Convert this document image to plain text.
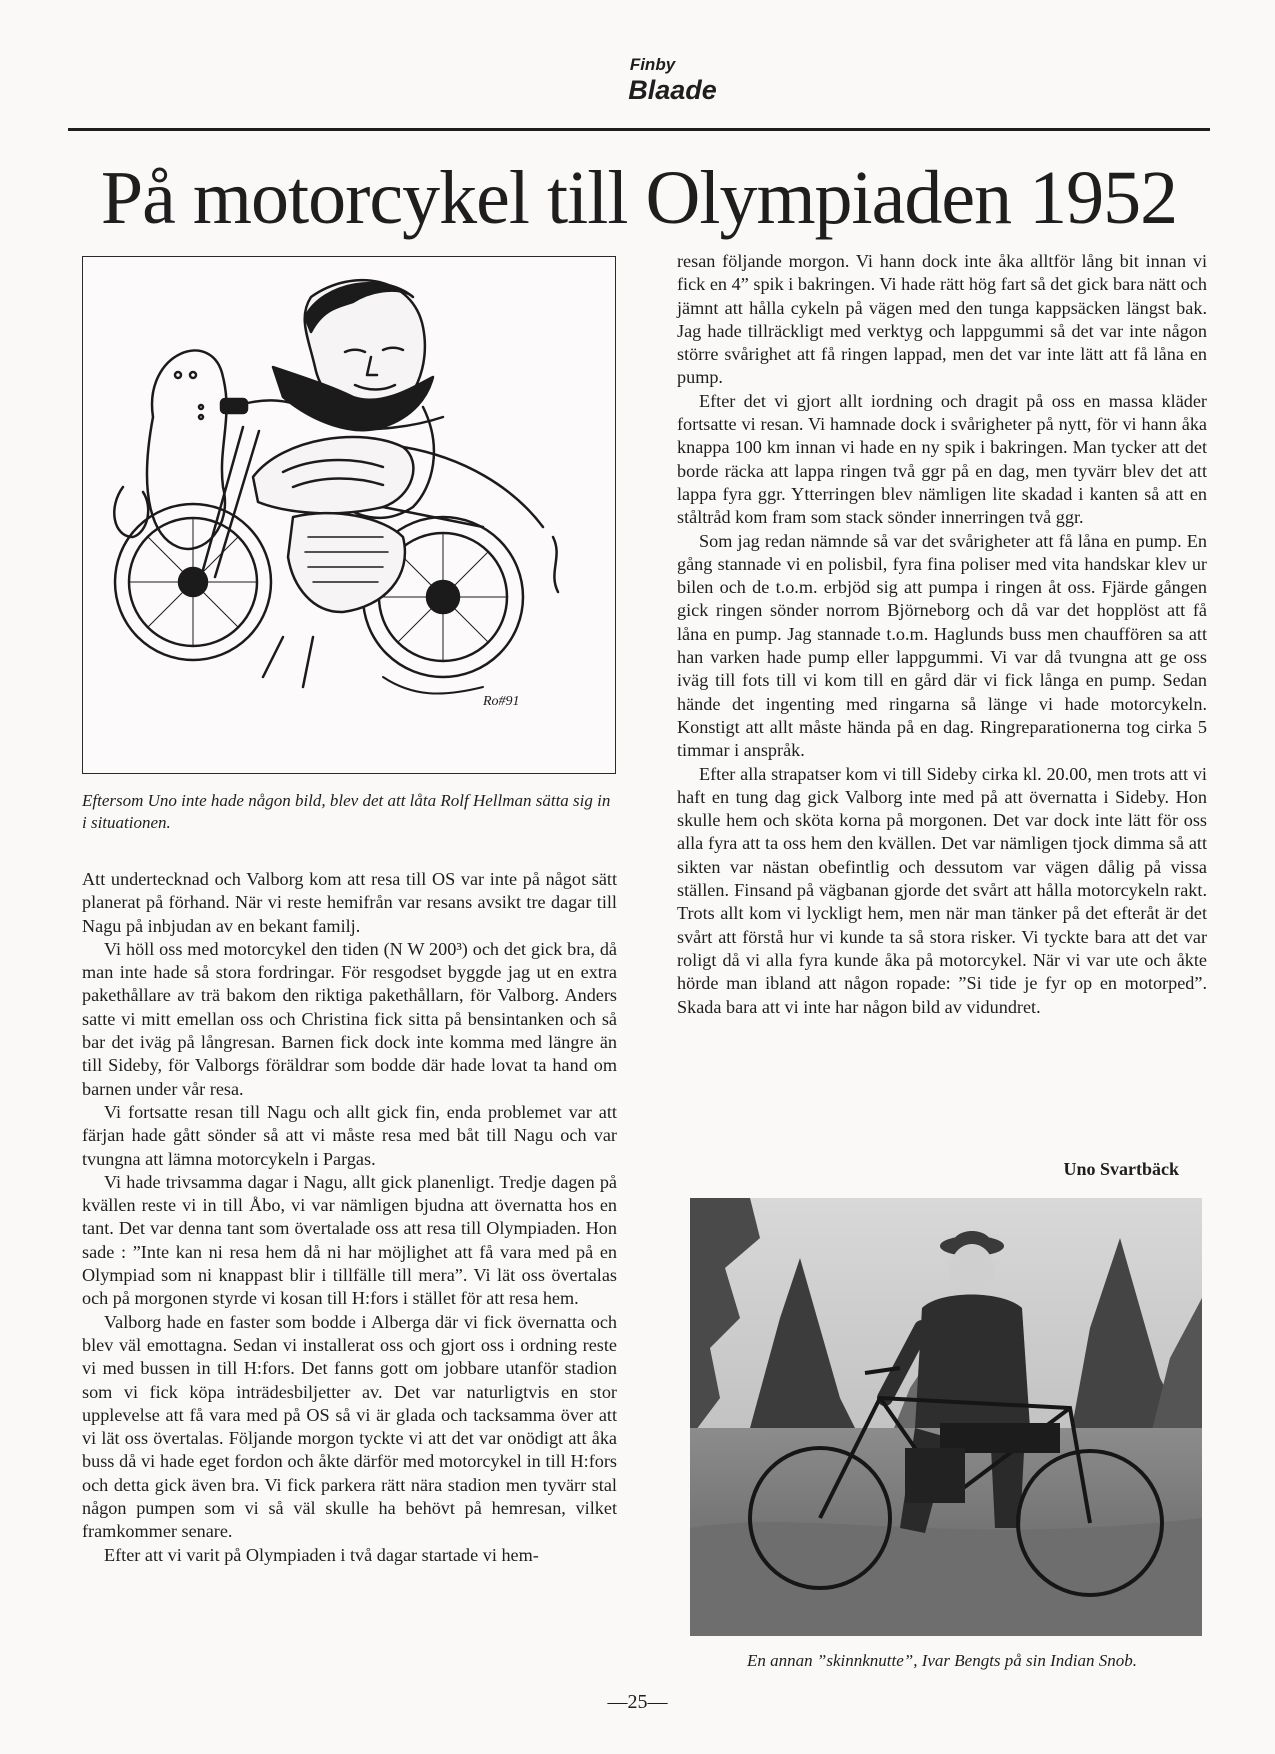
Finby
Blaade
På motorcykel till Olympiaden 1952
Ro#91
Eftersom Uno inte hade någon bild, blev det att låta Rolf Hellman sätta sig in i situationen.

Att undertecknad och Valborg kom att resa till OS var inte på något sätt planerat på förhand. När vi reste hemifrån var resans avsikt tre dagar till Nagu på inbjudan av en bekant familj.

Vi höll oss med motorcykel den tiden (N W 200³) och det gick bra, då man inte hade så stora fordringar. För resgodset byggde jag ut en extra pakethållare av trä bakom den riktiga pakethållarn, för Valborg. Anders satte vi mitt emellan oss och Christina fick sitta på bensintanken och så bar det iväg på långresan. Barnen fick dock inte komma med längre än till Sideby, för Valborgs föräldrar som bodde där hade lovat ta hand om barnen under vår resa.

Vi fortsatte resan till Nagu och allt gick fin, enda problemet var att färjan hade gått sönder så att vi måste resa med båt till Nagu och var tvungna att lämna motorcykeln i Pargas.

Vi hade trivsamma dagar i Nagu, allt gick planenligt. Tredje dagen på kvällen reste vi in till Åbo, vi var nämligen bjudna att övernatta hos en tant. Det var denna tant som övertalade oss att resa till Olympiaden. Hon sade : ”Inte kan ni resa hem då ni har möjlighet att få vara med på en Olympiad som ni knappast blir i tillfälle till mera”. Vi lät oss övertalas och på morgonen styrde vi kosan till H:fors i stället för att resa hem.

Valborg hade en faster som bodde i Alberga där vi fick övernatta och blev väl emottagna. Sedan vi installerat oss och gjort oss i ordning reste vi med bussen in till H:fors. Det fanns gott om jobbare utanför stadion som vi fick köpa inträdesbiljetter av. Det var naturligtvis en stor upplevelse att få vara med på OS så vi är glada och tacksamma över att vi lät oss övertalas. Följande morgon tyckte vi att det var onödigt att åka buss då vi hade eget fordon och åkte därför med motorcykel in till H:fors och detta gick även bra. Vi fick parkera rätt nära stadion men tyvärr stal någon pumpen som vi så väl skulle ha behövt på hemresan, vilket framkommer senare.

Efter att vi varit på Olympiaden i två dagar startade vi hem-

resan följande morgon. Vi hann dock inte åka alltför lång bit innan vi fick en 4” spik i bakringen. Vi hade rätt hög fart så det gick bara nätt och jämnt att hålla cykeln på vägen med den tunga kappsäcken längst bak. Jag hade tillräckligt med verktyg och lappgummi så det var inte någon större svårighet att få ringen lappad, men det var inte lätt att få låna en pump.

Efter det vi gjort allt iordning och dragit på oss en massa kläder fortsatte vi resan. Vi hamnade dock i svårigheter på nytt, för vi hann åka knappa 100 km innan vi hade en ny spik i bakringen. Man tycker att det borde räcka att lappa ringen två ggr på en dag, men tyvärr blev det att lappa fyra ggr. Ytterringen blev nämligen lite skadad i kanten så att en ståltråd kom fram som stack sönder innerringen två ggr.

Som jag redan nämnde så var det svårigheter att få låna en pump. En gång stannade vi en polisbil, fyra fina poliser med vita handskar klev ur bilen och de t.o.m. erbjöd sig att pumpa i ringen åt oss. Fjärde gången gick ringen sönder norrom Björneborg och då var det hopplöst att få låna en pump. Jag stannade t.o.m. Haglunds buss men chauffören sa att han varken hade pump eller lappgummi. Vi var då tvungna att ge oss iväg till fots till vi kom till en gård där vi fick långa en pump. Sedan hände det ingenting med ringarna så länge vi hade motorcykeln. Konstigt att allt måste hända på en dag. Ringreparationerna tog cirka 5 timmar i anspråk.

Efter alla strapatser kom vi till Sideby cirka kl. 20.00, men trots att vi haft en tung dag gick Valborg inte med på att övernatta i Sideby. Hon skulle hem och sköta korna på morgonen. Det var dock inte lätt för oss alla fyra att ta oss hem den kvällen. Det var nämligen tjock dimma så att sikten var nästan obefintlig och dessutom var vägen dålig på vissa ställen. Finsand på vägbanan gjorde det svårt att hålla motorcykeln rakt. Trots allt kom vi lyckligt hem, men när man tänker på det efteråt är det svårt att förstå hur vi kunde ta så stora risker. Vi tyckte bara att det var roligt då vi alla fyra kunde åka på motorcykel. När vi var ute och åkte hörde man ibland att någon ropade: ”Si tide je fyr op en motorped”. Skada bara att vi inte har någon bild av vidundret.

Uno Svartbäck
En annan ”skinnknutte”, Ivar Bengts på sin Indian Snob.
—25—
